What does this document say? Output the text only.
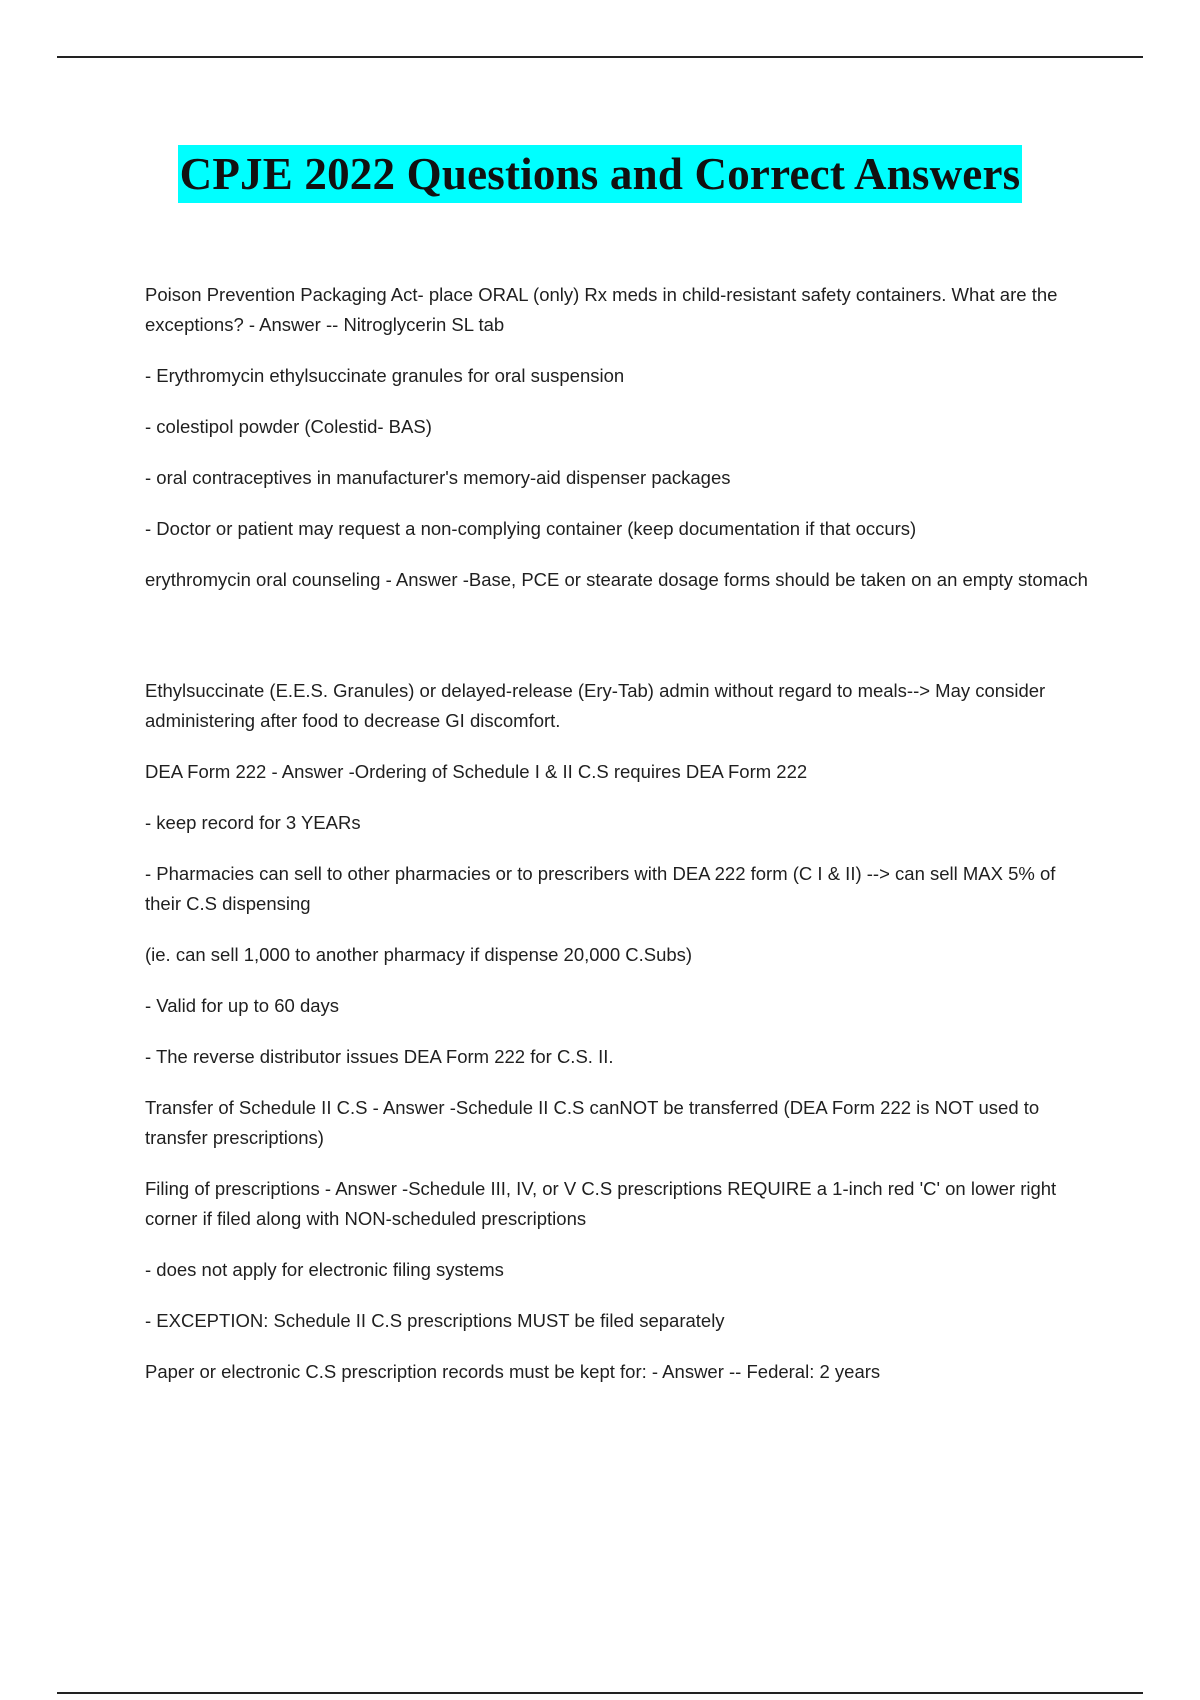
CPJE 2022 Questions and Correct Answers

Poison Prevention Packaging Act- place ORAL (only) Rx meds in child-resistant safety containers. What are the exceptions? - Answer -- Nitroglycerin SL tab

- Erythromycin ethylsuccinate granules for oral suspension

- colestipol powder (Colestid- BAS)

- oral contraceptives in manufacturer's memory-aid dispenser packages

- Doctor or patient may request a non-complying container (keep documentation if that occurs)

erythromycin oral counseling - Answer -Base, PCE or stearate dosage forms should be taken on an empty stomach

Ethylsuccinate (E.E.S. Granules) or delayed-release (Ery-Tab) admin without regard to meals--> May consider administering after food to decrease GI discomfort.

DEA Form 222 - Answer -Ordering of Schedule I & II C.S requires DEA Form 222

- keep record for 3 YEARs

- Pharmacies can sell to other pharmacies or to prescribers with DEA 222 form (C I & II) --> can sell MAX 5% of their C.S dispensing

(ie. can sell 1,000 to another pharmacy if dispense 20,000 C.Subs)

- Valid for up to 60 days

- The reverse distributor issues DEA Form 222 for C.S. II.

Transfer of Schedule II C.S - Answer -Schedule II C.S canNOT be transferred (DEA Form 222 is NOT used to transfer prescriptions)

Filing of prescriptions - Answer -Schedule III, IV, or V C.S prescriptions REQUIRE a 1-inch red 'C' on lower right corner if filed along with NON-scheduled prescriptions

- does not apply for electronic filing systems

- EXCEPTION: Schedule II C.S prescriptions MUST be filed separately

Paper or electronic C.S prescription records must be kept for: - Answer -- Federal: 2 years
